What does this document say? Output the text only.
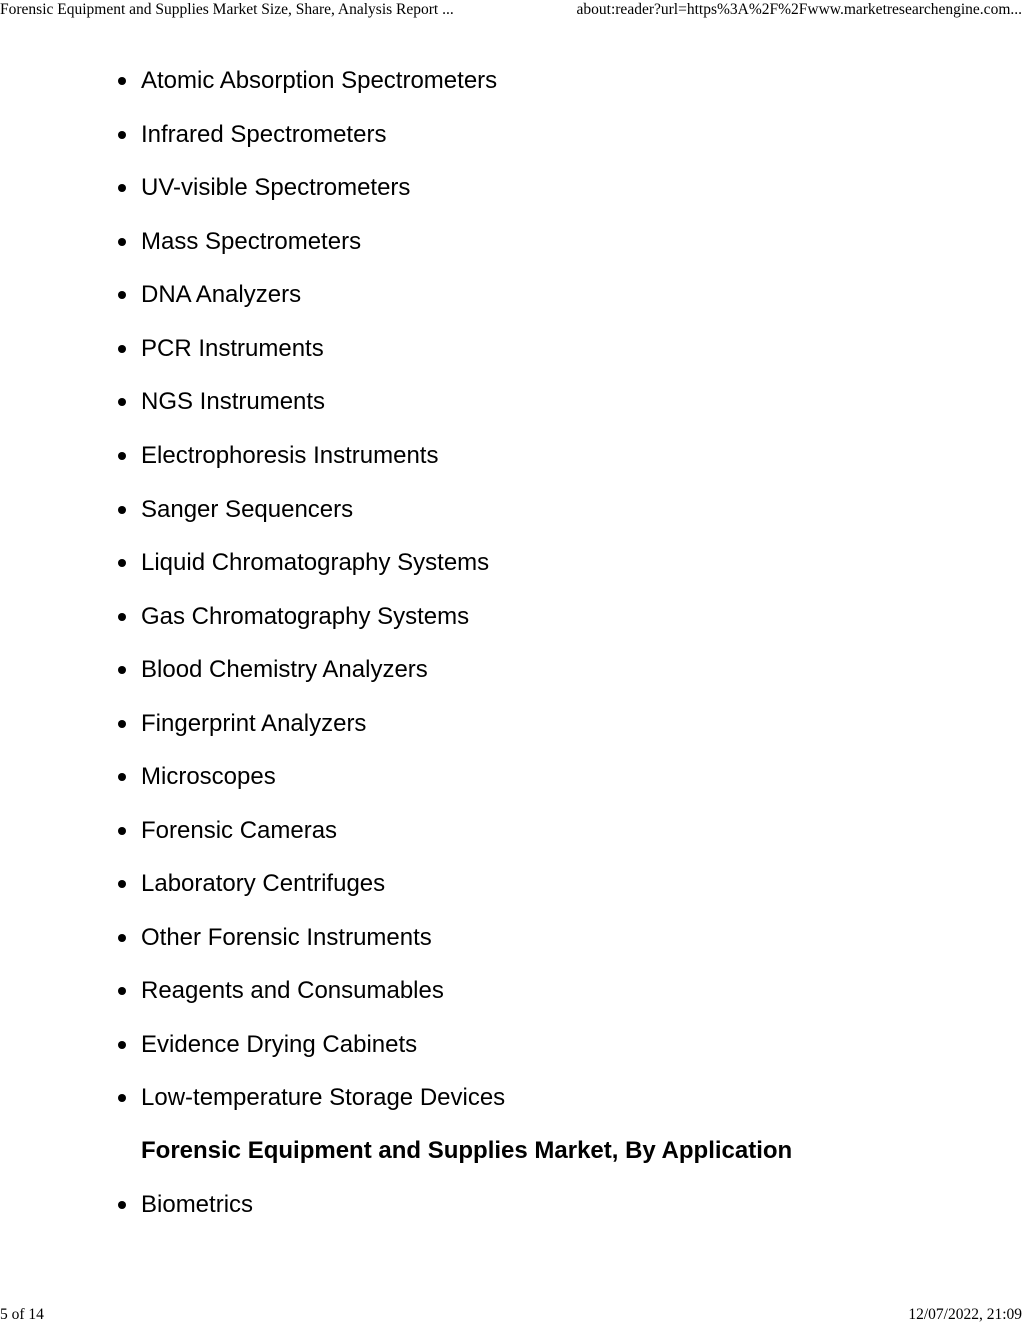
Forensic Equipment and Supplies Market Size, Share, Analysis Report ...	about:reader?url=https%3A%2F%2Fwww.marketresearchengine.com...
Atomic Absorption Spectrometers
Infrared Spectrometers
UV-visible Spectrometers
Mass Spectrometers
DNA Analyzers
PCR Instruments
NGS Instruments
Electrophoresis Instruments
Sanger Sequencers
Liquid Chromatography Systems
Gas Chromatography Systems
Blood Chemistry Analyzers
Fingerprint Analyzers
Microscopes
Forensic Cameras
Laboratory Centrifuges
Other Forensic Instruments
Reagents and Consumables
Evidence Drying Cabinets
Low-temperature Storage Devices
Forensic Equipment and Supplies Market, By Application
Biometrics
5 of 14	12/07/2022, 21:09
